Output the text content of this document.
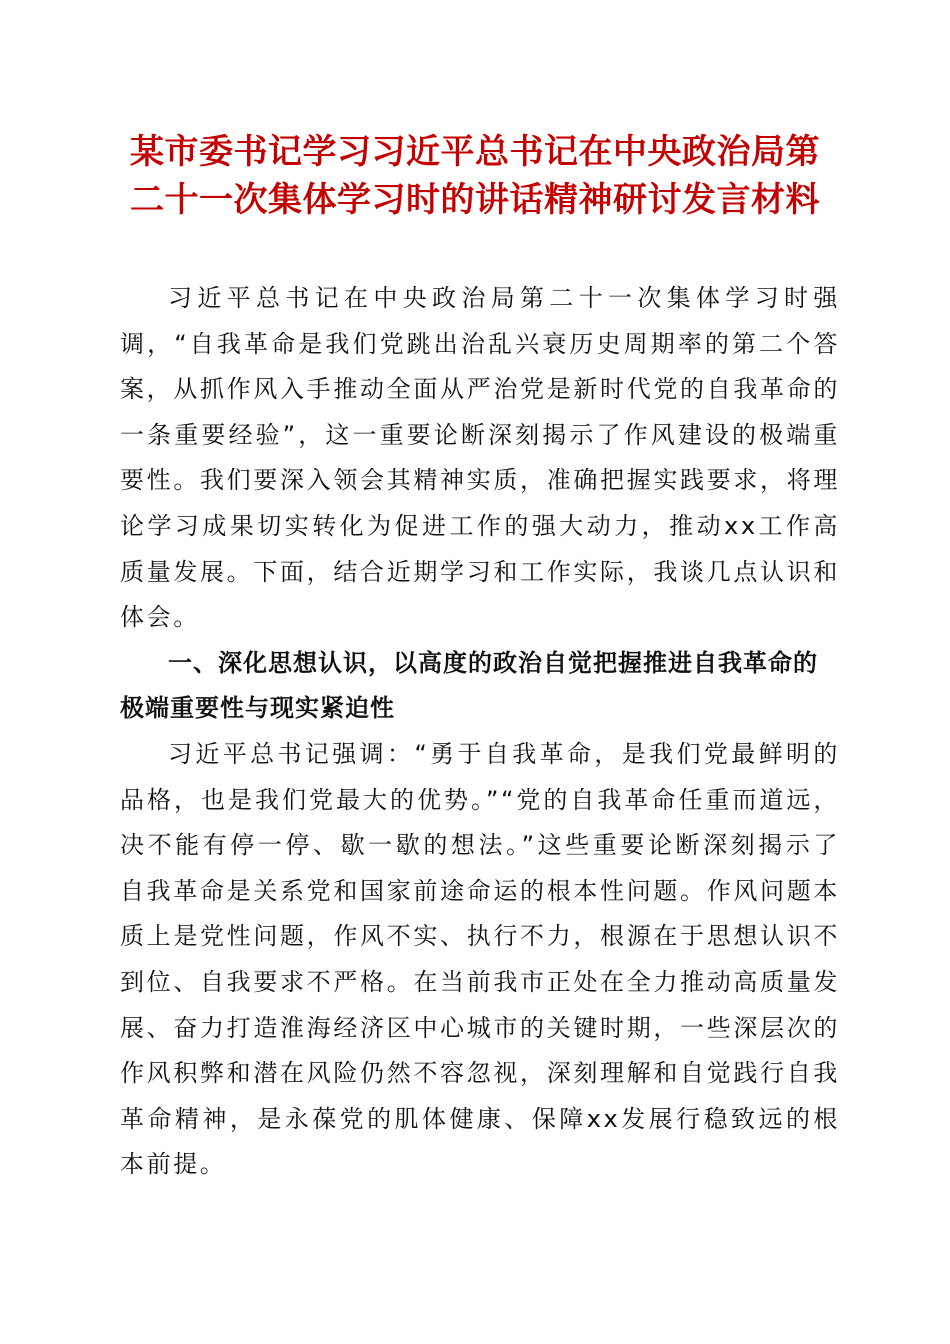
某市委书记学习习近平总书记在中央政治局第
二十一次集体学习时的讲话精神研讨发言材料

习近平总书记在中央政治局第二十一次集体学习时强调，“自我革命是我们党跳出治乱兴衰历史周期率的第二个答案，从抓作风入手推动全面从严治党是新时代党的自我革命的一条重要经验”，这一重要论断深刻揭示了作风建设的极端重要性。我们要深入领会其精神实质，准确把握实践要求，将理论学习成果切实转化为促进工作的强大动力，推动xx工作高质量发展。下面，结合近期学习和工作实际，我谈几点认识和体会。

一、深化思想认识，以高度的政治自觉把握推进自我革命的极端重要性与现实紧迫性

习近平总书记强调：“勇于自我革命，是我们党最鲜明的品格，也是我们党最大的优势。”“党的自我革命任重而道远，决不能有停一停、歇一歇的想法。”这些重要论断深刻揭示了自我革命是关系党和国家前途命运的根本性问题。作风问题本质上是党性问题，作风不实、执行不力，根源在于思想认识不到位、自我要求不严格。在当前我市正处在全力推动高质量发展、奋力打造淮海经济区中心城市的关键时期，一些深层次的作风积弊和潜在风险仍然不容忽视，深刻理解和自觉践行自我革命精神，是永葆党的肌体健康、保障xx发展行稳致远的根本前提。
